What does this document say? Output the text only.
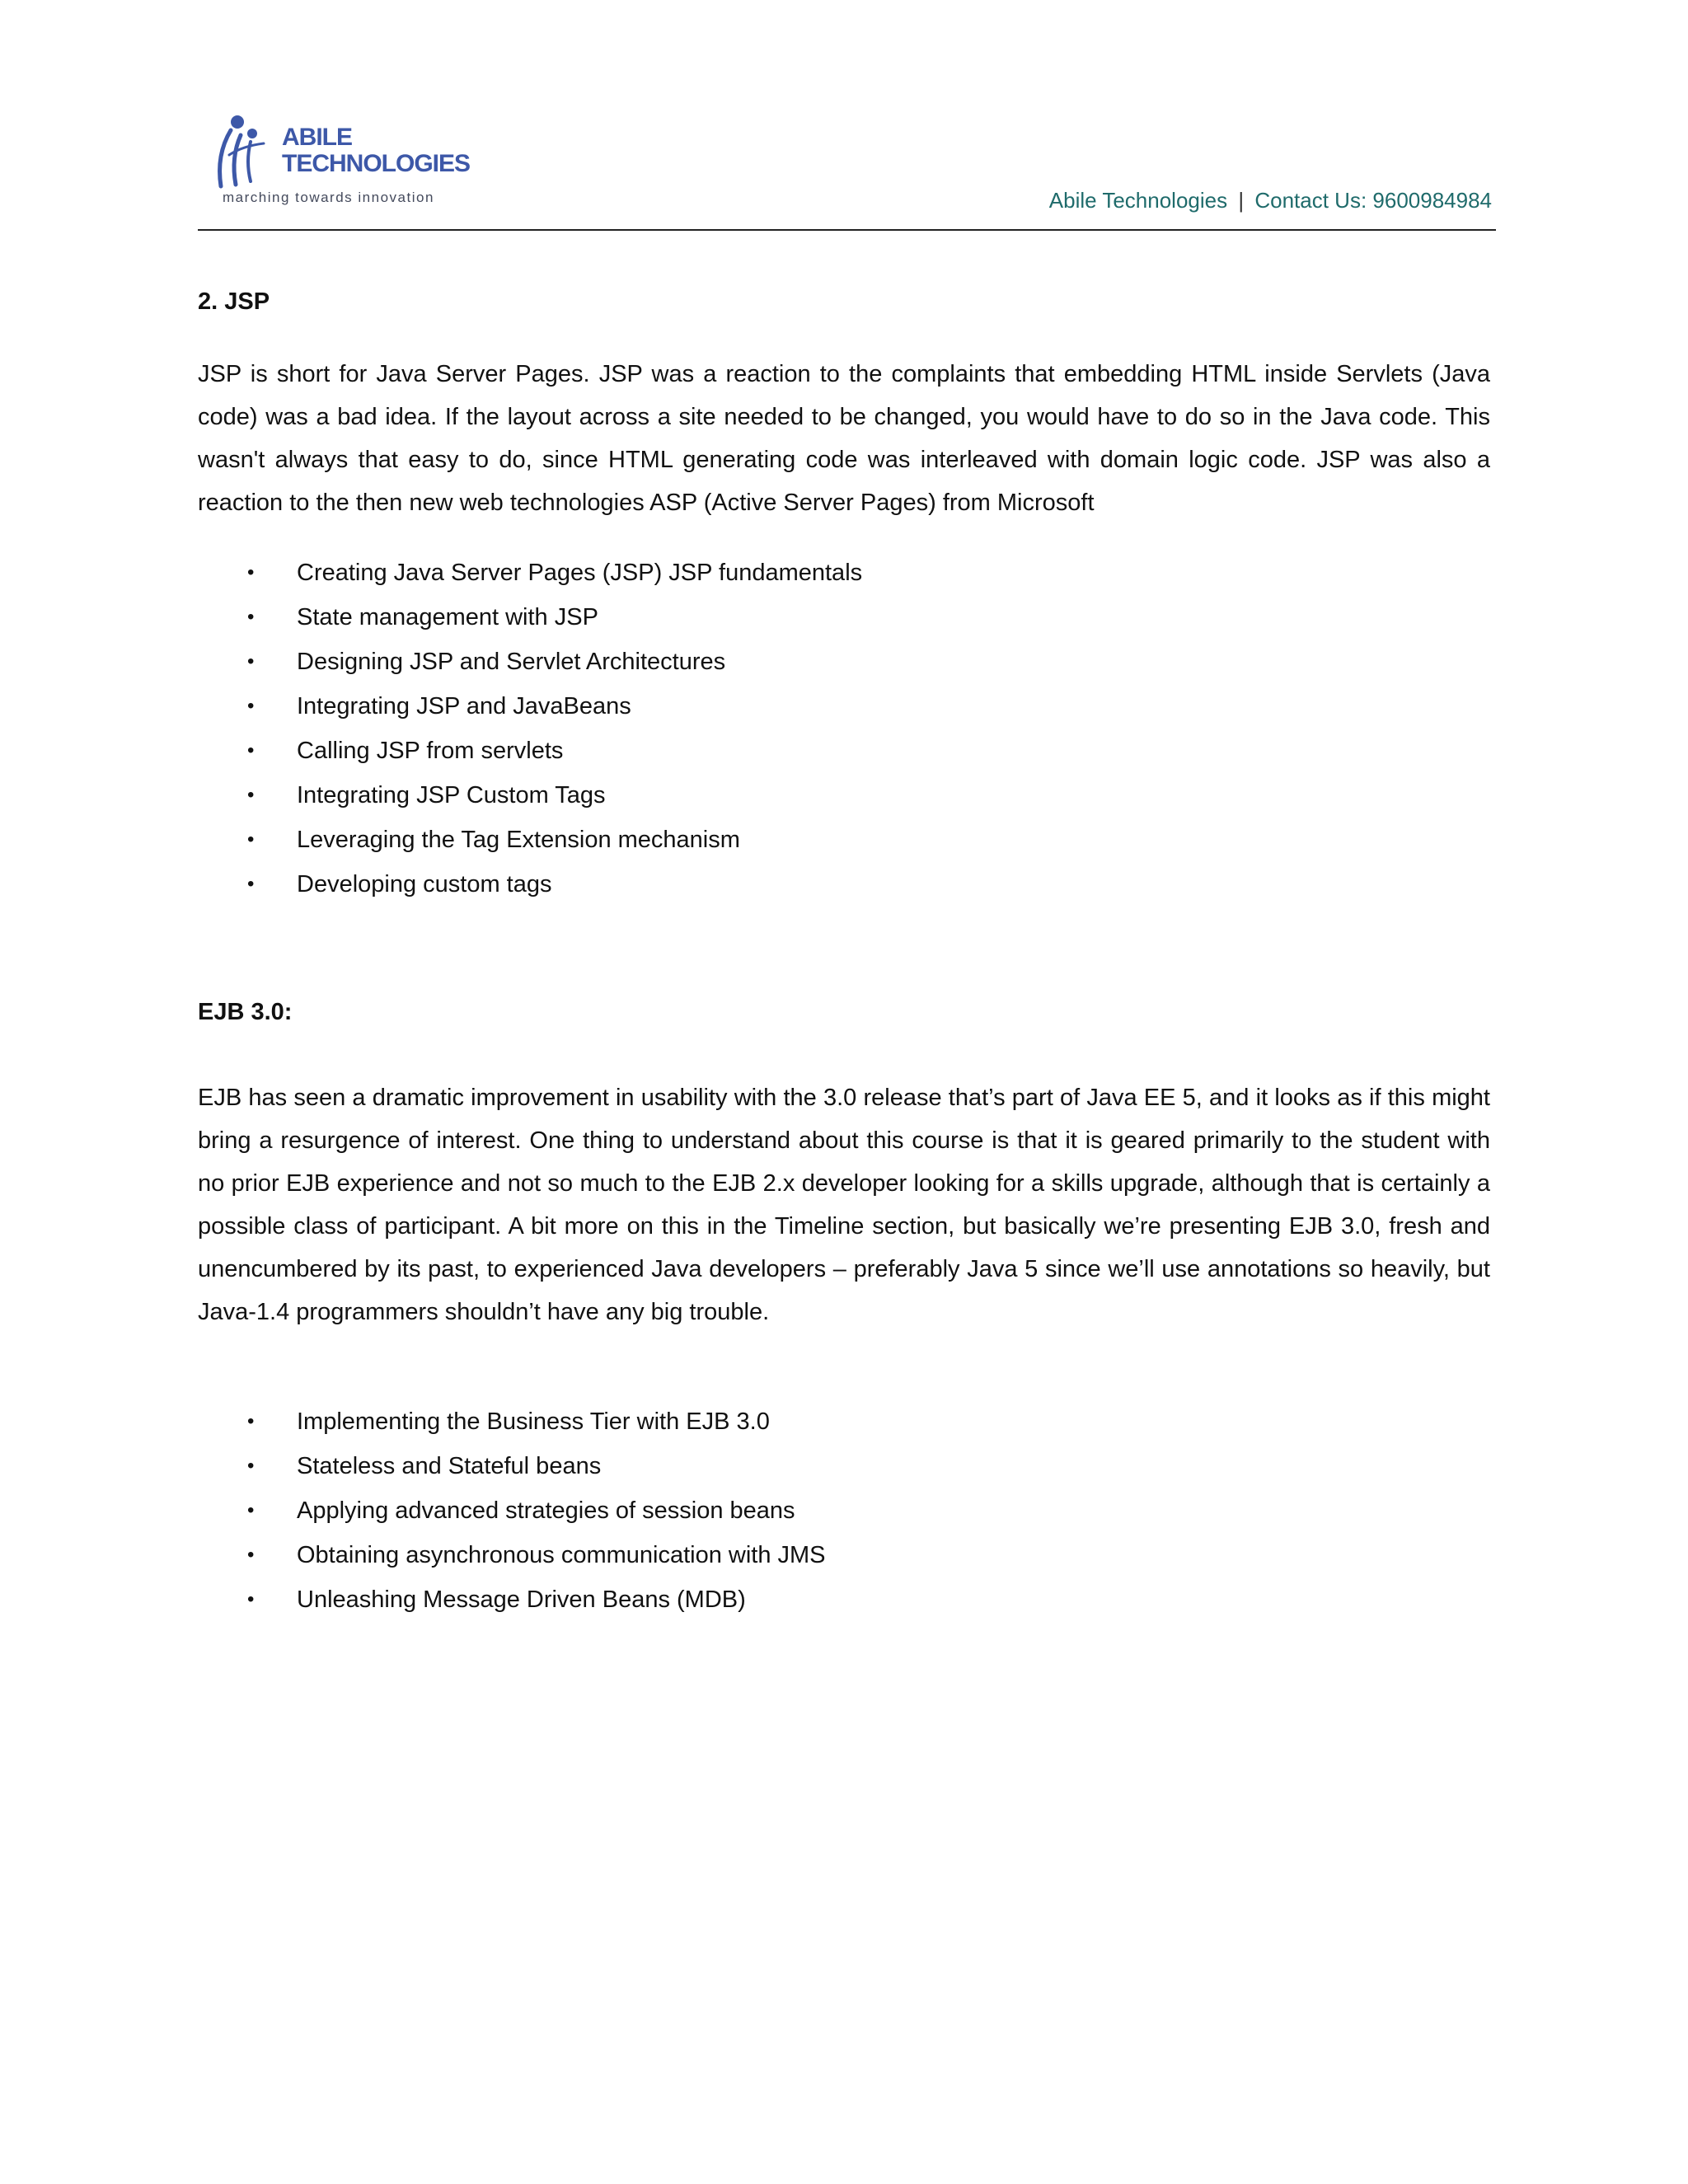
ABILE
TECHNOLOGIES
marching towards innovation	Abile Technologies | Contact Us: 9600984984
2. JSP

JSP is short for Java Server Pages. JSP was a reaction to the complaints that embedding HTML inside Servlets (Java code) was a bad idea. If the layout across a site needed to be changed, you would have to do so in the Java code. This wasn't always that easy to do, since HTML generating code was interleaved with domain logic code. JSP was also a reaction to the then new web technologies ASP (Active Server Pages) from Microsoft

• Creating Java Server Pages (JSP) JSP fundamentals
• State management with JSP
• Designing JSP and Servlet Architectures
• Integrating JSP and JavaBeans
• Calling JSP from servlets
• Integrating JSP Custom Tags
• Leveraging the Tag Extension mechanism
• Developing custom tags
EJB 3.0:

EJB has seen a dramatic improvement in usability with the 3.0 release that’s part of Java EE 5, and it looks as if this might bring a resurgence of interest. One thing to understand about this course is that it is geared primarily to the student with no prior EJB experience and not so much to the EJB 2.x developer looking for a skills upgrade, although that is certainly a possible class of participant. A bit more on this in the Timeline section, but basically we’re presenting EJB 3.0, fresh and unencumbered by its past, to experienced Java developers – preferably Java 5 since we’ll use annotations so heavily, but Java-1.4 programmers shouldn’t have any big trouble.

• Implementing the Business Tier with EJB 3.0
• Stateless and Stateful beans
• Applying advanced strategies of session beans
• Obtaining asynchronous communication with JMS
• Unleashing Message Driven Beans (MDB)
